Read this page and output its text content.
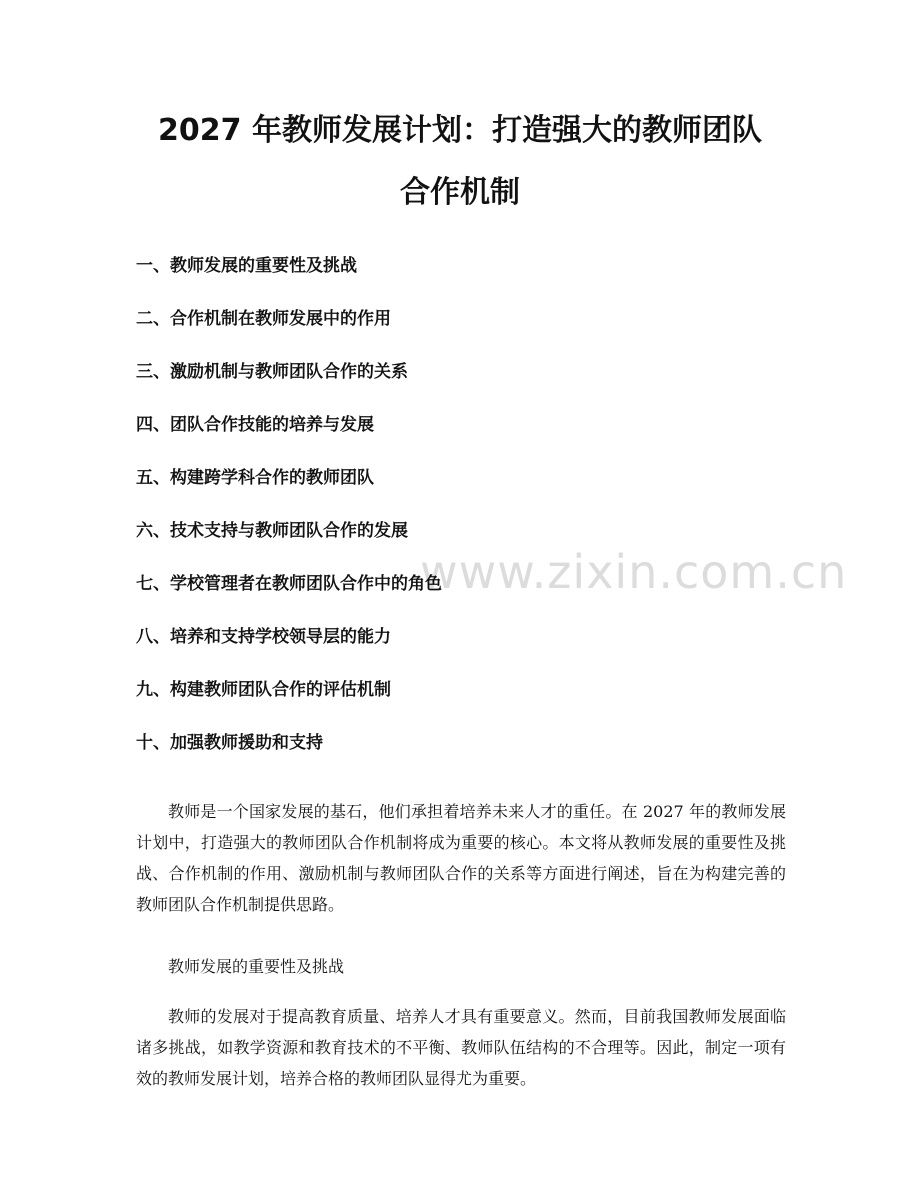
www.zixin.com.cn
2027 年教师发展计划：打造强大的教师团队
合作机制
一、教师发展的重要性及挑战
二、合作机制在教师发展中的作用
三、激励机制与教师团队合作的关系
四、团队合作技能的培养与发展
五、构建跨学科合作的教师团队
六、技术支持与教师团队合作的发展
七、学校管理者在教师团队合作中的角色
八、培养和支持学校领导层的能力
九、构建教师团队合作的评估机制
十、加强教师援助和支持

教师是一个国家发展的基石，他们承担着培养未来人才的重任。在 2027 年的教师发展计划中，打造强大的教师团队合作机制将成为重要的核心。本文将从教师发展的重要性及挑战、合作机制的作用、激励机制与教师团队合作的关系等方面进行阐述，旨在为构建完善的教师团队合作机制提供思路。

教师发展的重要性及挑战

教师的发展对于提高教育质量、培养人才具有重要意义。然而，目前我国教师发展面临诸多挑战，如教学资源和教育技术的不平衡、教师队伍结构的不合理等。因此，制定一项有效的教师发展计划，培养合格的教师团队显得尤为重要。
